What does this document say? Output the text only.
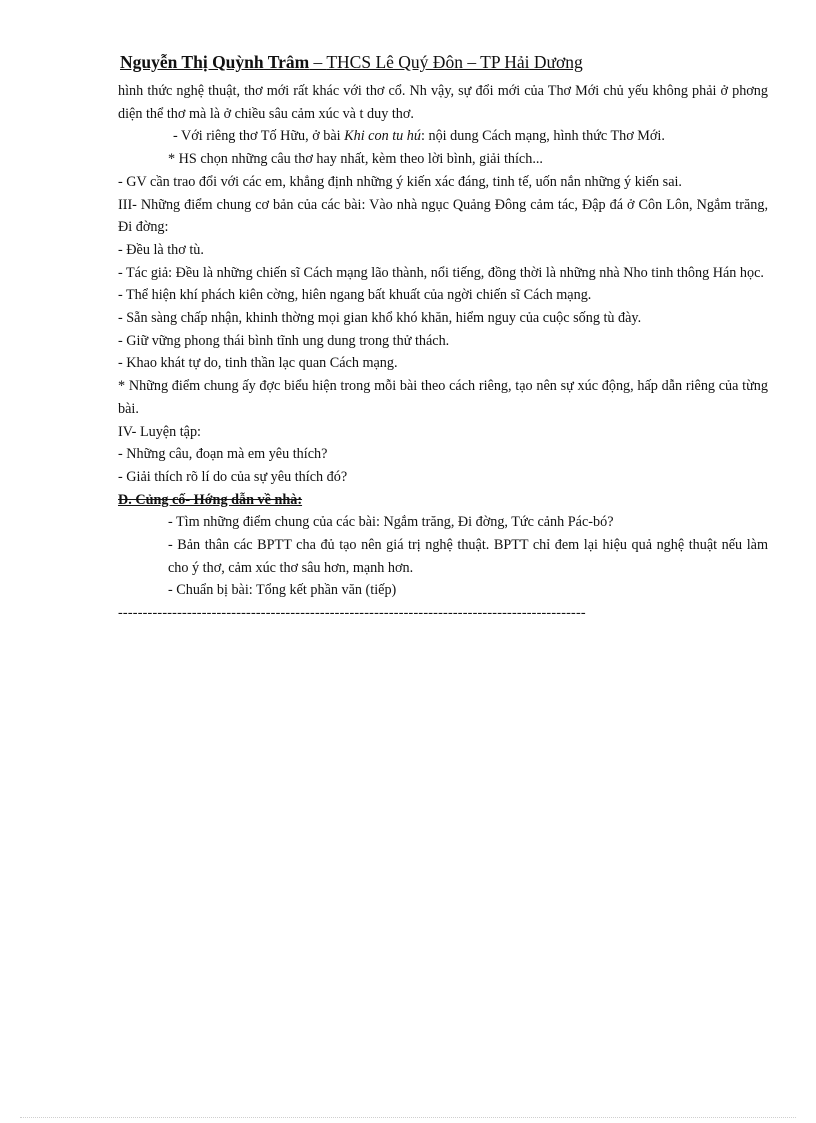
Nguyễn Thị Quỳnh Trâm – THCS Lê Quý Đôn – TP Hải Dương

hình thức nghệ thuật, thơ mới rất khác với thơ cổ. Nh vậy, sự đổi mới của Thơ Mới chủ yếu không phải ở phơng diện thể thơ mà là ở chiều sâu cảm xúc và t duy thơ.

- Với riêng thơ Tố Hữu, ở bài Khi con tu hú: nội dung Cách mạng, hình thức Thơ Mới.

* HS chọn những câu thơ hay nhất, kèm theo lời bình, giải thích...

- GV cần trao đổi với các em, khẳng định những ý kiến xác đáng, tinh tế, uốn nắn những ý kiến sai.

III- Những điểm chung cơ bản của các bài: Vào nhà ngục Quảng Đông cảm tác, Đập đá ở Côn Lôn, Ngắm trăng, Đi đờng:

- Đều là thơ tù.

- Tác giả: Đều là những chiến sĩ Cách mạng lão thành, nổi tiếng, đồng thời là những nhà Nho tinh thông Hán học.

- Thể hiện khí phách kiên cờng, hiên ngang bất khuất của ngời chiến sĩ Cách mạng.

- Sẵn sàng chấp nhận, khinh thờng mọi gian khổ khó khăn, hiểm nguy của cuộc sống tù đày.

- Giữ vững phong thái bình tĩnh ung dung trong thử thách.

- Khao khát tự do, tinh thần lạc quan Cách mạng.

* Những điểm chung ấy đợc biểu hiện trong mỗi bài theo cách riêng, tạo nên sự xúc động, hấp dẫn riêng của từng bài.

IV- Luyện tập:

- Những câu, đoạn mà em yêu thích?

- Giải thích rõ lí do của sự yêu thích đó?

D. Củng cố- Hớng dẫn về nhà:

- Tìm những điểm chung của các bài: Ngắm trăng, Đi đờng, Tức cảnh Pác-bó?

- Bản thân các BPTT cha đủ tạo nên giá trị nghệ thuật. BPTT chỉ đem lại hiệu quả nghệ thuật nếu làm cho ý thơ, cảm xúc thơ sâu hơn, mạnh hơn.

- Chuẩn bị bài: Tổng kết phần văn (tiếp)

-----------------------------------------------------------------------------------------------
